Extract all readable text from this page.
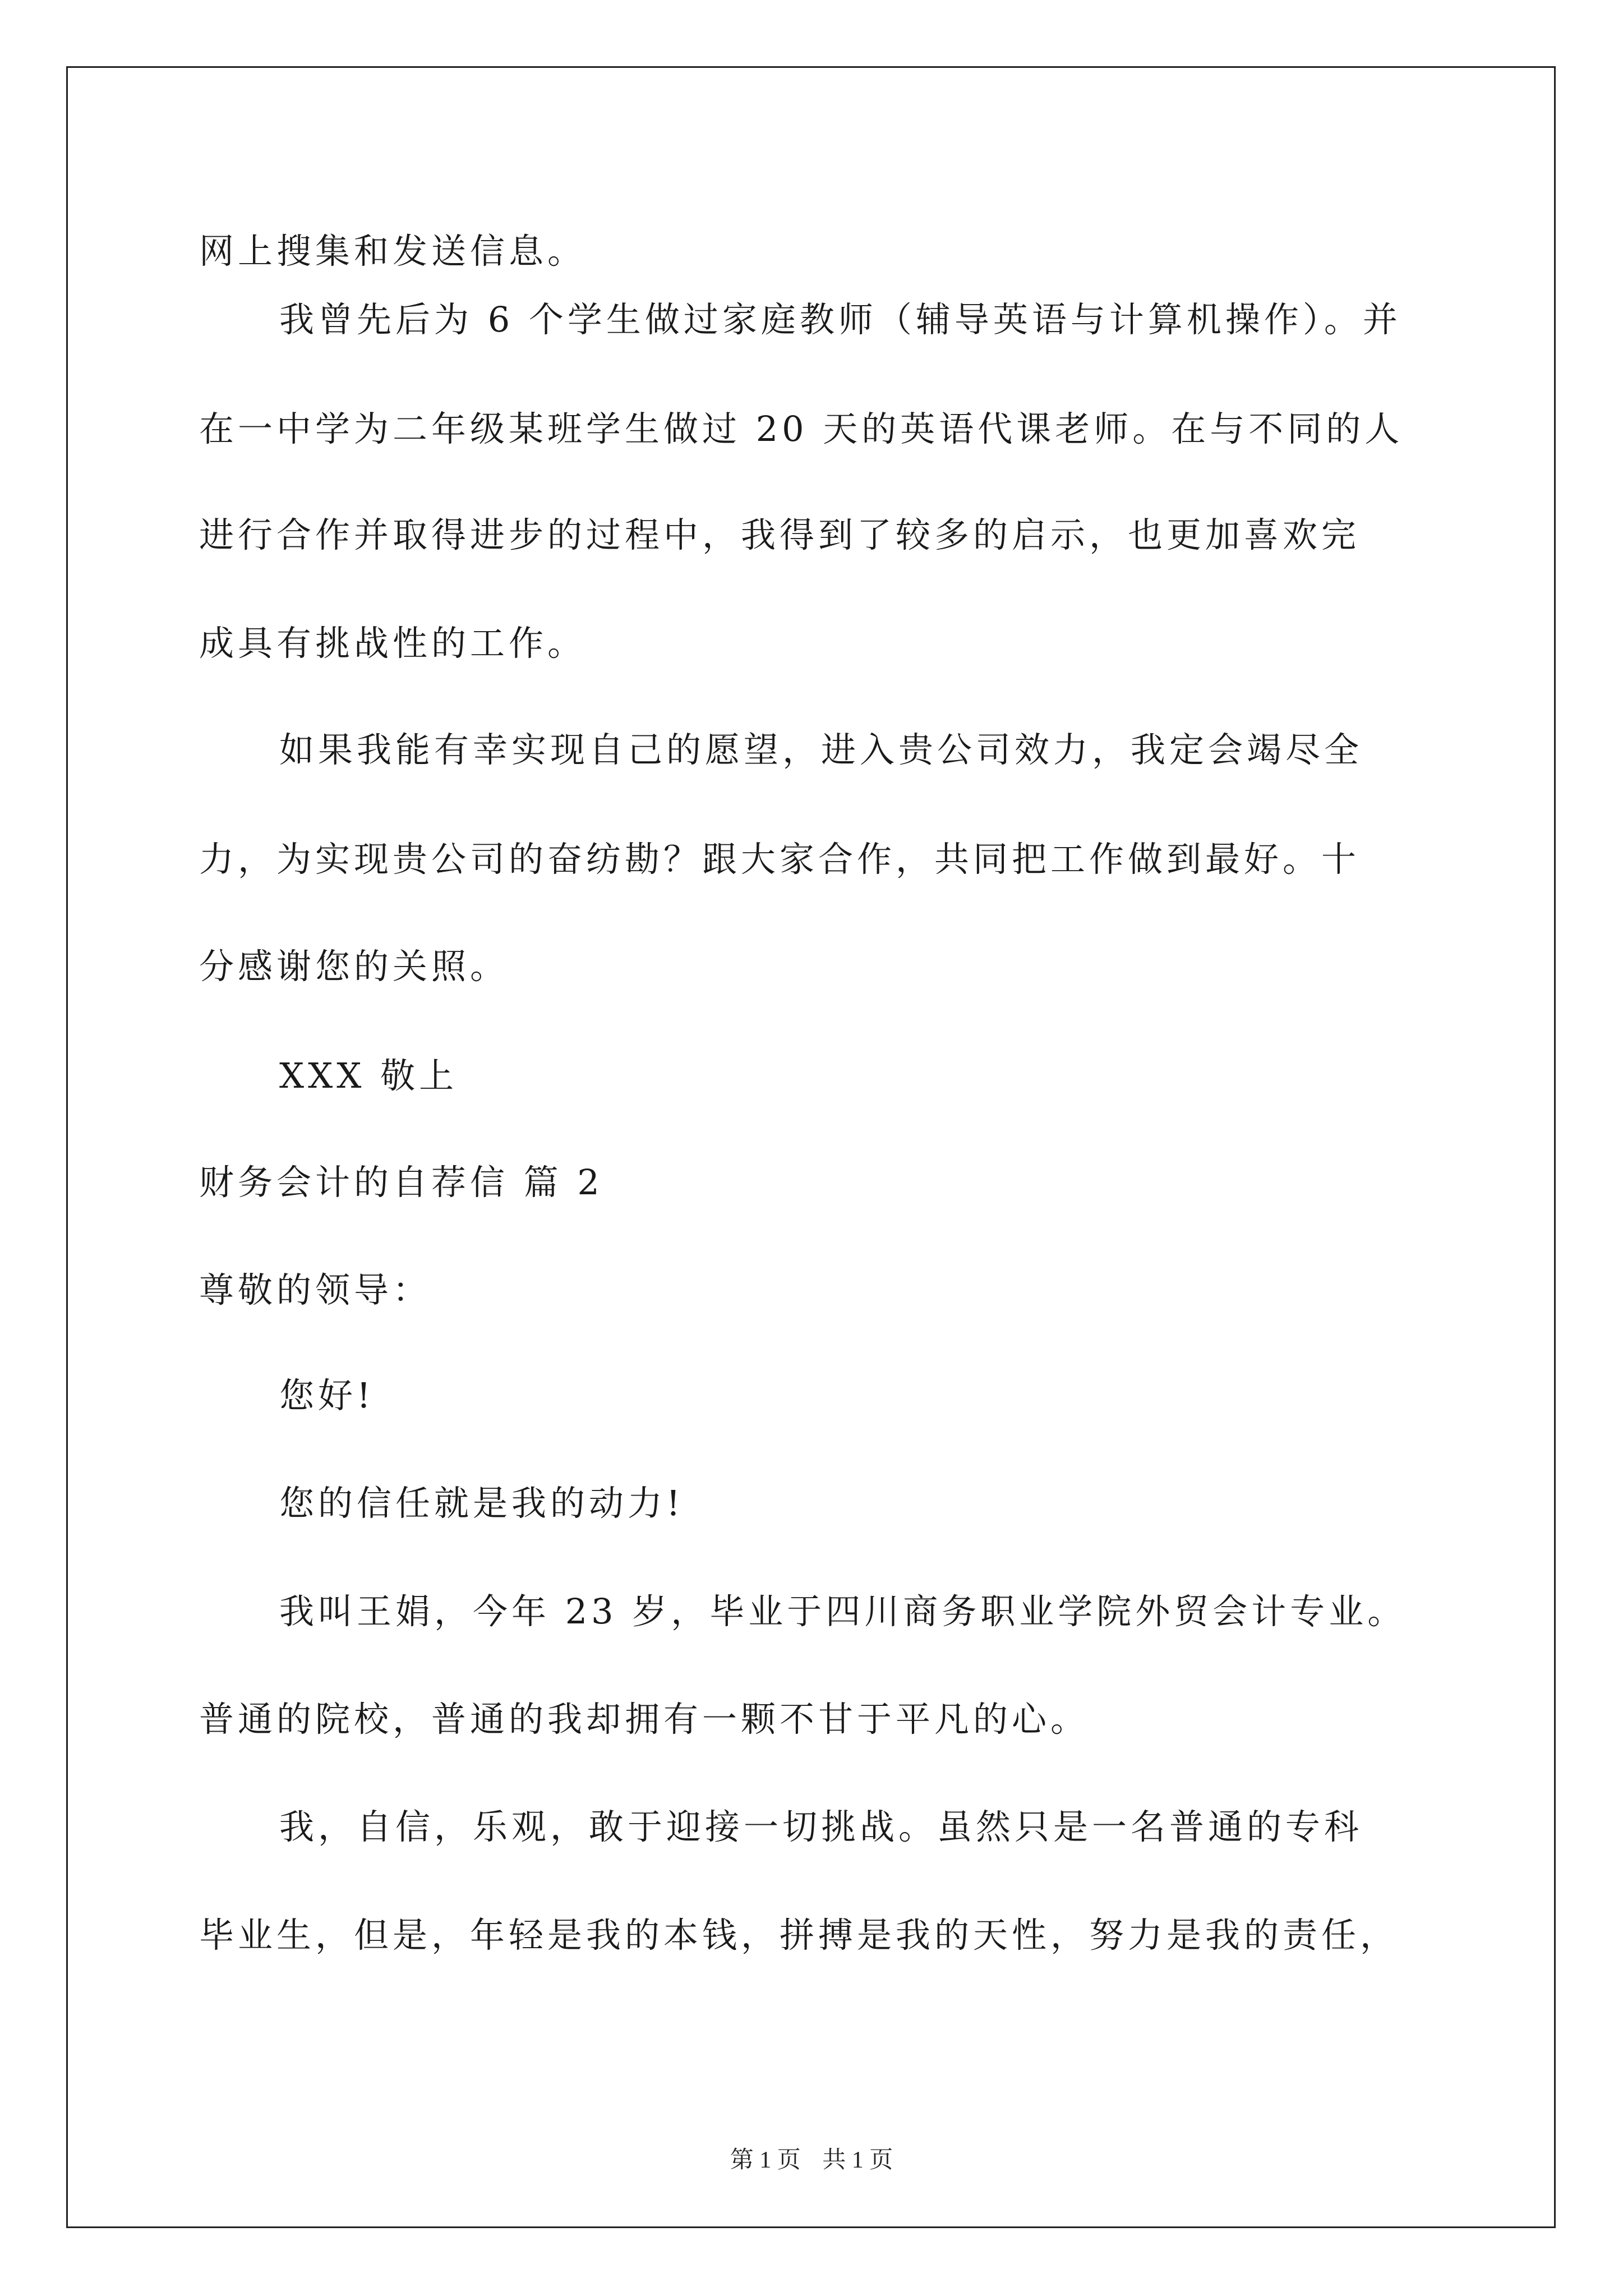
网上搜集和发送信息。
我曾先后为 6 个学生做过家庭教师（辅导英语与计算机操作）。并
在一中学为二年级某班学生做过 20 天的英语代课老师。在与不同的人
进行合作并取得进步的过程中，我得到了较多的启示，也更加喜欢完
成具有挑战性的工作。
如果我能有幸实现自己的愿望，进入贵公司效力，我定会竭尽全
力，为实现贵公司的奋纺勘？跟大家合作，共同把工作做到最好。十
分感谢您的关照。
XXX 敬上
财务会计的自荐信 篇 2
尊敬的领导：
您好!
您的信任就是我的动力!
我叫王娟，今年 23 岁，毕业于四川商务职业学院外贸会计专业。
普通的院校，普通的我却拥有一颗不甘于平凡的心。
我，自信，乐观，敢于迎接一切挑战。虽然只是一名普通的专科
毕业生，但是，年轻是我的本钱，拼搏是我的天性，努力是我的责任，
第 1 页 共 1 页
